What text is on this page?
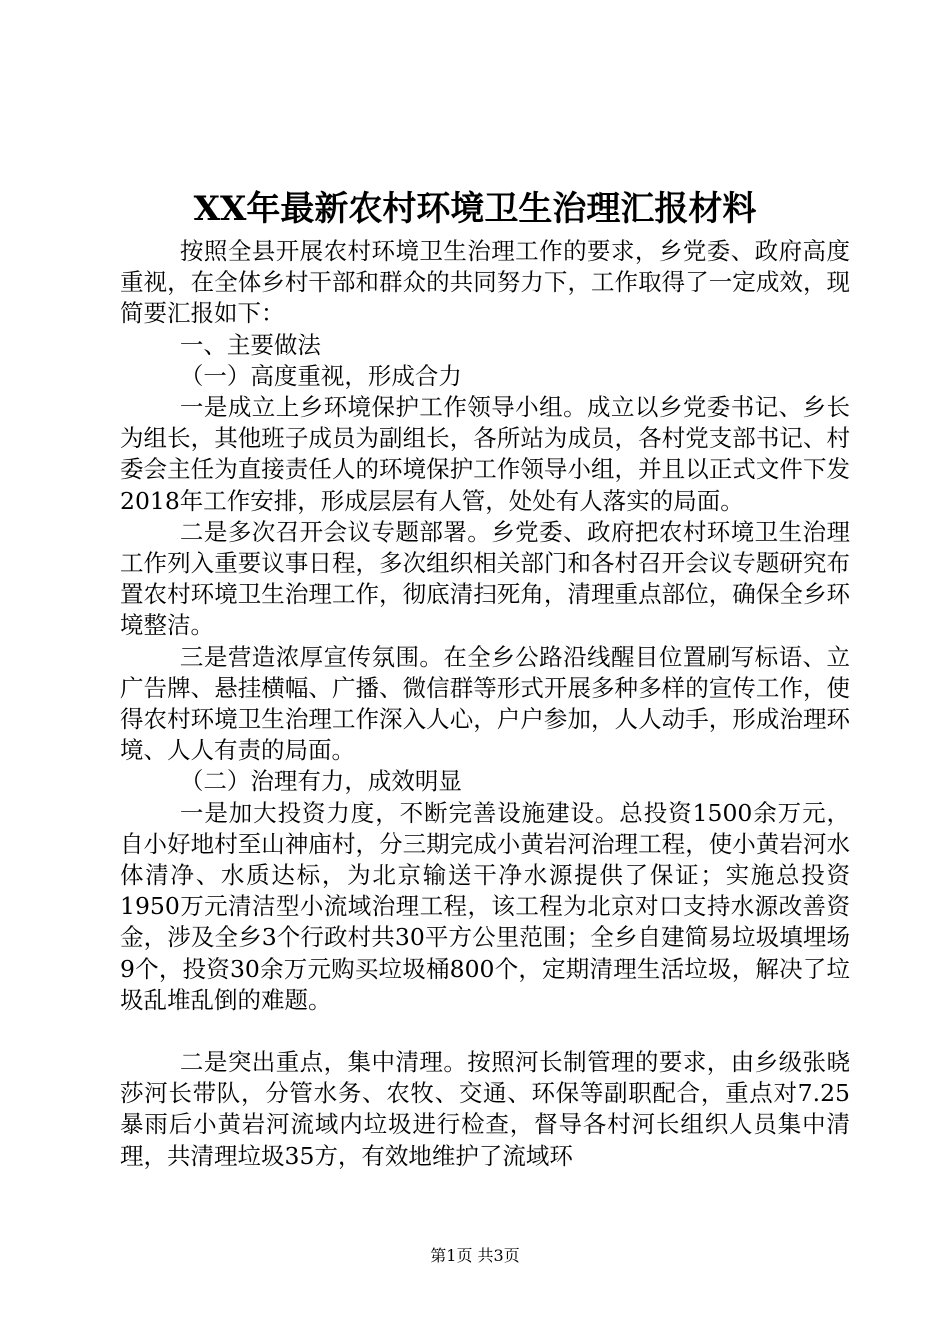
XX年最新农村环境卫生治理汇报材料

按照全县开展农村环境卫生治理工作的要求，乡党委、政府高度重视，在全体乡村干部和群众的共同努力下，工作取得了一定成效，现简要汇报如下：

一、主要做法

（一）高度重视，形成合力

一是成立上乡环境保护工作领导小组。成立以乡党委书记、乡长为组长，其他班子成员为副组长，各所站为成员，各村党支部书记、村委会主任为直接责任人的环境保护工作领导小组，并且以正式文件下发2018年工作安排，形成层层有人管，处处有人落实的局面。

二是多次召开会议专题部署。乡党委、政府把农村环境卫生治理工作列入重要议事日程，多次组织相关部门和各村召开会议专题研究布置农村环境卫生治理工作，彻底清扫死角，清理重点部位，确保全乡环境整洁。

三是营造浓厚宣传氛围。在全乡公路沿线醒目位置刷写标语、立广告牌、悬挂横幅、广播、微信群等形式开展多种多样的宣传工作，使得农村环境卫生治理工作深入人心，户户参加，人人动手，形成治理环境、人人有责的局面。

（二）治理有力，成效明显

一是加大投资力度，不断完善设施建设。总投资1500余万元，自小好地村至山神庙村，分三期完成小黄岩河治理工程，使小黄岩河水体清净、水质达标，为北京输送干净水源提供了保证；实施总投资1950万元清洁型小流域治理工程，该工程为北京对口支持水源改善资金，涉及全乡3个行政村共30平方公里范围；全乡自建简易垃圾填埋场9个，投资30余万元购买垃圾桶800个，定期清理生活垃圾，解决了垃圾乱堆乱倒的难题。

二是突出重点，集中清理。按照河长制管理的要求，由乡级张晓莎河长带队，分管水务、农牧、交通、环保等副职配合，重点对7.25暴雨后小黄岩河流域内垃圾进行检查，督导各村河长组织人员集中清理，共清理垃圾35方，有效地维护了流域环

第1页 共3页
